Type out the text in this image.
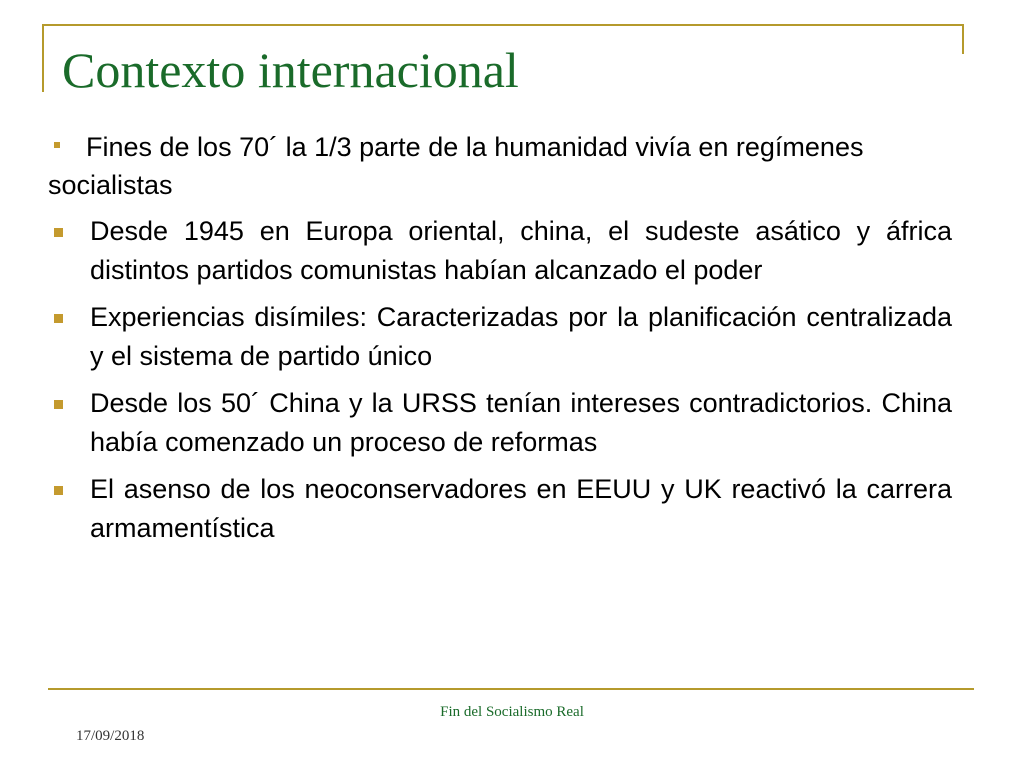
Contexto internacional

Fines de los 70´ la 1/3 parte de la humanidad vivía en regímenes socialistas

Desde 1945 en Europa oriental, china, el sudeste asático y áfrica distintos partidos comunistas habían alcanzado el poder
Experiencias disímiles: Caracterizadas por la planificación centralizada y el sistema de partido único
Desde los 50´ China y la URSS tenían intereses contradictorios. China había comenzado un proceso de reformas
El asenso de los neoconservadores en EEUU y UK reactivó la carrera armamentística
Fin del Socialismo Real
17/09/2018
